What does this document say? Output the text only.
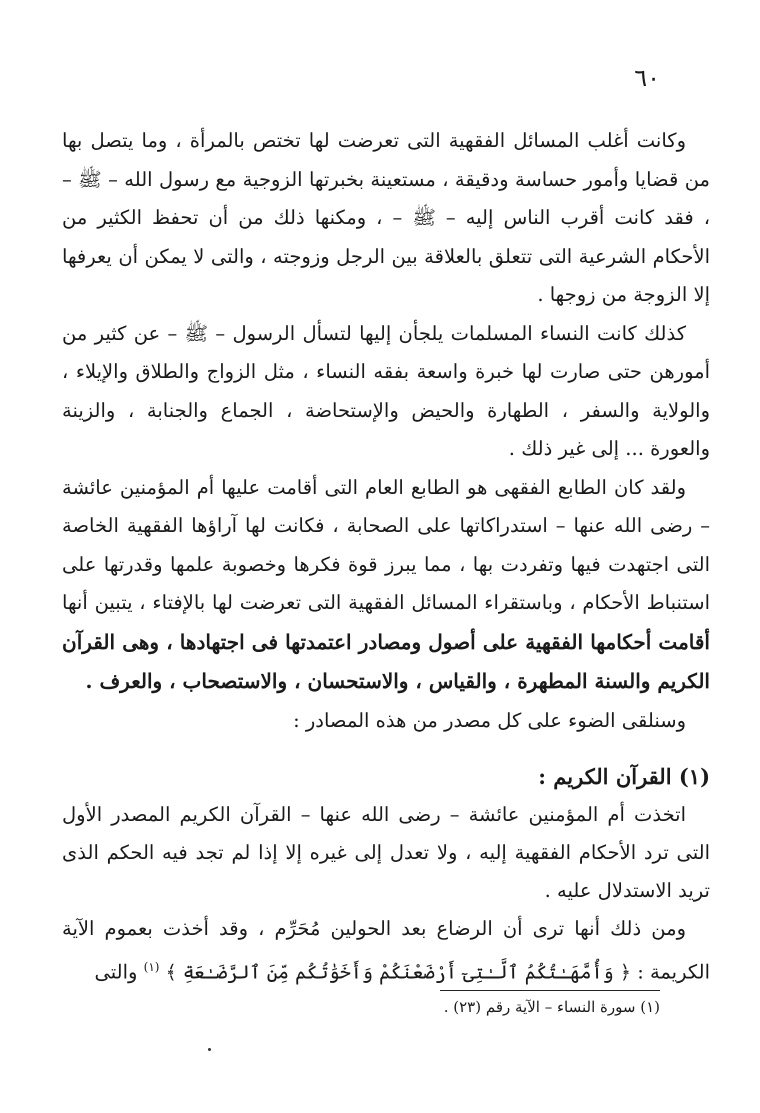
٦٠

وكانت أغلب المسائل الفقهية التى تعرضت لها تختص بالمرأة ، وما يتصل بها من قضايا وأمور حساسة ودقيقة ، مستعينة بخبرتها الزوجية مع رسول الله – ﷺ – ، فقد كانت أقرب الناس إليه – ﷺ – ، ومكنها ذلك من أن تحفظ الكثير من الأحكام الشرعية التى تتعلق بالعلاقة بين الرجل وزوجته ، والتى لا يمكن أن يعرفها إلا الزوجة من زوجها .

كذلك كانت النساء المسلمات يلجأن إليها لتسأل الرسول – ﷺ – عن كثير من أمورهن حتى صارت لها خبرة واسعة بفقه النساء ، مثل الزواج والطلاق والإيلاء ، والولاية والسفر ، الطهارة والحيض والإستحاضة ، الجماع والجنابة ، والزينة والعورة ... إلى غير ذلك .

ولقد كان الطابع الفقهى هو الطابع العام التى أقامت عليها أم المؤمنين عائشة – رضى الله عنها – استدراكاتها على الصحابة ، فكانت لها آراؤها الفقهية الخاصة التى اجتهدت فيها وتفردت بها ، مما يبرز قوة فكرها وخصوبة علمها وقدرتها على استنباط الأحكام ، وباستقراء المسائل الفقهية التى تعرضت لها بالإفتاء ، يتبين أنها أقامت أحكامها الفقهية على أصول ومصادر اعتمدتها فى اجتهادها ، وهى القرآن الكريم والسنة المطهرة ، والقياس ، والاستحسان ، والاستصحاب ، والعرف .

وسنلقى الضوء على كل مصدر من هذه المصادر :

(١) القرآن الكريم :

اتخذت أم المؤمنين عائشة – رضى الله عنها – القرآن الكريم المصدر الأول التى ترد الأحكام الفقهية إليه ، ولا تعدل إلى غيره إلا إذا لم تجد فيه الحكم الذى تريد الاستدلال عليه .

ومن ذلك أنها ترى أن الرضاع بعد الحولين مُحَرِّم ، وقد أخذت بعموم الآية الكريمة : ﴿ وَأُمَّهَـٰتُكُمُ ٱلَّـٰتِىٓ أَرْضَعْنَكُمْ وَأَخَوَٰتُكُم مِّنَ ٱلرَّضَـٰعَةِ ﴾ $^{(١)}$ والتى

(١) سورة النساء – الآية رقم (٢٣) .
